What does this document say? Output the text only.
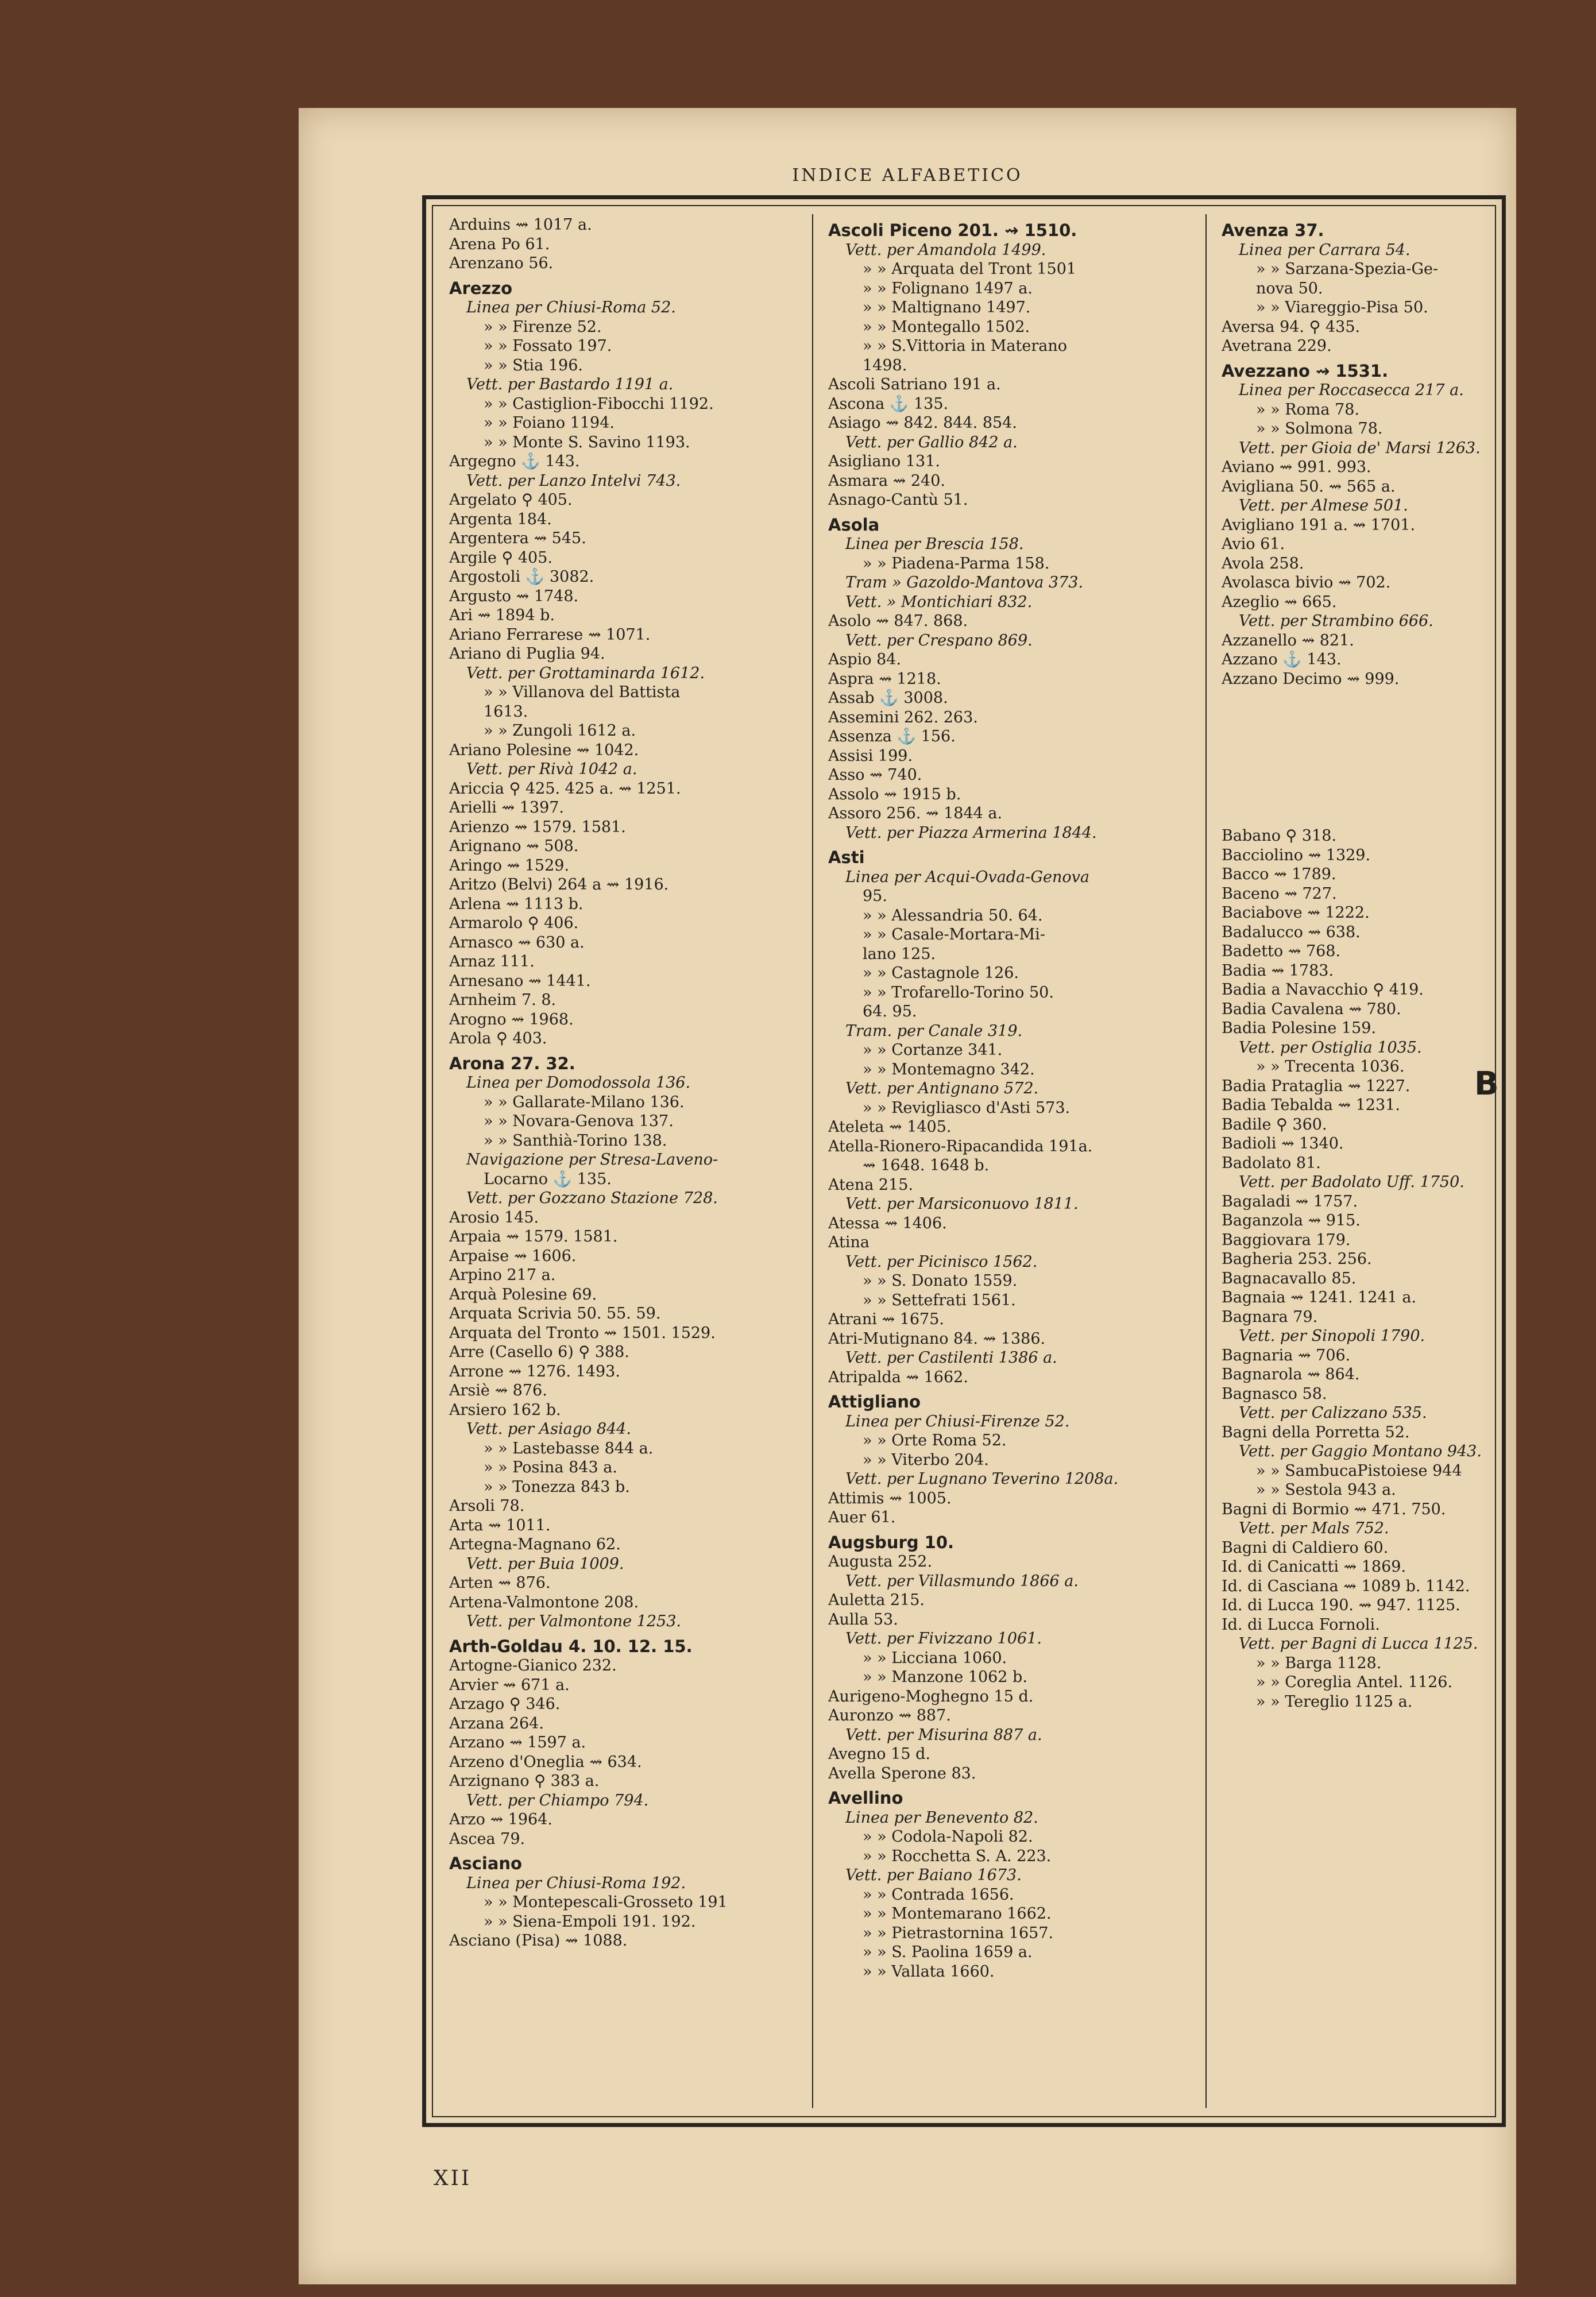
INDICE ALFABETICO
Arduins ⇝ 1017 a.
Arena Po 61.
Arenzano 56.
Arezzo
Linea per Chiusi-Roma 52.
» » Firenze 52.
» » Fossato 197.
» » Stia 196.
Vett. per Bastardo 1191 a.
» » Castiglion-Fibocchi 1192.
» » Foiano 1194.
» » Monte S. Savino 1193.
Argegno ⚓ 143.
Vett. per Lanzo Intelvi 743.
Argelato ⚲ 405.
Argenta 184.
Argentera ⇝ 545.
Argile ⚲ 405.
Argostoli ⚓ 3082.
Argusto ⇝ 1748.
Ari ⇝ 1894 b.
Ariano Ferrarese ⇝ 1071.
Ariano di Puglia 94.
Vett. per Grottaminarda 1612.
» » Villanova del Battista
1613.
» » Zungoli 1612 a.
Ariano Polesine ⇝ 1042.
Vett. per Rivà 1042 a.
Ariccia ⚲ 425. 425 a. ⇝ 1251.
Arielli ⇝ 1397.
Arienzo ⇝ 1579. 1581.
Arignano ⇝ 508.
Aringo ⇝ 1529.
Aritzo (Belvi) 264 a ⇝ 1916.
Arlena ⇝ 1113 b.
Armarolo ⚲ 406.
Arnasco ⇝ 630 a.
Arnaz 111.
Arnesano ⇝ 1441.
Arnheim 7. 8.
Arogno ⇝ 1968.
Arola ⚲ 403.
Arona 27. 32.
Linea per Domodossola 136.
» » Gallarate-Milano 136.
» » Novara-Genova 137.
» » Santhià-Torino 138.
Navigazione per Stresa-Laveno-
Locarno ⚓ 135.
Vett. per Gozzano Stazione 728.
Arosio 145.
Arpaia ⇝ 1579. 1581.
Arpaise ⇝ 1606.
Arpino 217 a.
Arquà Polesine 69.
Arquata Scrivia 50. 55. 59.
Arquata del Tronto ⇝ 1501. 1529.
Arre (Casello 6) ⚲ 388.
Arrone ⇝ 1276. 1493.
Arsiè ⇝ 876.
Arsiero 162 b.
Vett. per Asiago 844.
» » Lastebasse 844 a.
» » Posina 843 a.
» » Tonezza 843 b.
Arsoli 78.
Arta ⇝ 1011.
Artegna-Magnano 62.
Vett. per Buia 1009.
Arten ⇝ 876.
Artena-Valmontone 208.
Vett. per Valmontone 1253.
Arth-Goldau 4. 10. 12. 15.
Artogne-Gianico 232.
Arvier ⇝ 671 a.
Arzago ⚲ 346.
Arzana 264.
Arzano ⇝ 1597 a.
Arzeno d'Oneglia ⇝ 634.
Arzignano ⚲ 383 a.
Vett. per Chiampo 794.
Arzo ⇝ 1964.
Ascea 79.
Asciano
Linea per Chiusi-Roma 192.
» » Montepescali-Grosseto 191
» » Siena-Empoli 191. 192.
Asciano (Pisa) ⇝ 1088.
Ascoli Piceno 201. ⇝ 1510.
Vett. per Amandola 1499.
» » Arquata del Tront 1501
» » Folignano 1497 a.
» » Maltignano 1497.
» » Montegallo 1502.
» » S.Vittoria in Materano
1498.
Ascoli Satriano 191 a.
Ascona ⚓ 135.
Asiago ⇝ 842. 844. 854.
Vett. per Gallio 842 a.
Asigliano 131.
Asmara ⇝ 240.
Asnago-Cantù 51.
Asola
Linea per Brescia 158.
» » Piadena-Parma 158.
Tram » Gazoldo-Mantova 373.
Vett. » Montichiari 832.
Asolo ⇝ 847. 868.
Vett. per Crespano 869.
Aspio 84.
Aspra ⇝ 1218.
Assab ⚓ 3008.
Assemini 262. 263.
Assenza ⚓ 156.
Assisi 199.
Asso ⇝ 740.
Assolo ⇝ 1915 b.
Assoro 256. ⇝ 1844 a.
Vett. per Piazza Armerina 1844.
Asti
Linea per Acqui-Ovada-Genova
95.
» » Alessandria 50. 64.
» » Casale-Mortara-Mi-
lano 125.
» » Castagnole 126.
» » Trofarello-Torino 50.
64. 95.
Tram. per Canale 319.
» » Cortanze 341.
» » Montemagno 342.
Vett. per Antignano 572.
» » Revigliasco d'Asti 573.
Ateleta ⇝ 1405.
Atella-Rionero-Ripacandida 191a.
⇝ 1648. 1648 b.
Atena 215.
Vett. per Marsiconuovo 1811.
Atessa ⇝ 1406.
Atina
Vett. per Picinisco 1562.
» » S. Donato 1559.
» » Settefrati 1561.
Atrani ⇝ 1675.
Atri-Mutignano 84. ⇝ 1386.
Vett. per Castilenti 1386 a.
Atripalda ⇝ 1662.
Attigliano
Linea per Chiusi-Firenze 52.
» » Orte Roma 52.
» » Viterbo 204.
Vett. per Lugnano Teverino 1208a.
Attimis ⇝ 1005.
Auer 61.
Augsburg 10.
Augusta 252.
Vett. per Villasmundo 1866 a.
Auletta 215.
Aulla 53.
Vett. per Fivizzano 1061.
» » Licciana 1060.
» » Manzone 1062 b.
Aurigeno-Moghegno 15 d.
Auronzo ⇝ 887.
Vett. per Misurina 887 a.
Avegno 15 d.
Avella Sperone 83.
Avellino
Linea per Benevento 82.
» » Codola-Napoli 82.
» » Rocchetta S. A. 223.
Vett. per Baiano 1673.
» » Contrada 1656.
» » Montemarano 1662.
» » Pietrastornina 1657.
» » S. Paolina 1659 a.
» » Vallata 1660.
B
Avenza 37.
Linea per Carrara 54.
» » Sarzana-Spezia-Ge-
nova 50.
» » Viareggio-Pisa 50.
Aversa 94. ⚲ 435.
Avetrana 229.
Avezzano ⇝ 1531.
Linea per Roccasecca 217 a.
» » Roma 78.
» » Solmona 78.
Vett. per Gioia de' Marsi 1263.
Aviano ⇝ 991. 993.
Avigliana 50. ⇝ 565 a.
Vett. per Almese 501.
Avigliano 191 a. ⇝ 1701.
Avio 61.
Avola 258.
Avolasca bivio ⇝ 702.
Azeglio ⇝ 665.
Vett. per Strambino 666.
Azzanello ⇝ 821.
Azzano ⚓ 143.
Azzano Decimo ⇝ 999.
Babano ⚲ 318.
Bacciolino ⇝ 1329.
Bacco ⇝ 1789.
Baceno ⇝ 727.
Baciabove ⇝ 1222.
Badalucco ⇝ 638.
Badetto ⇝ 768.
Badia ⇝ 1783.
Badia a Navacchio ⚲ 419.
Badia Cavalena ⇝ 780.
Badia Polesine 159.
Vett. per Ostiglia 1035.
» » Trecenta 1036.
Badia Prataglia ⇝ 1227.
Badia Tebalda ⇝ 1231.
Badile ⚲ 360.
Badioli ⇝ 1340.
Badolato 81.
Vett. per Badolato Uff. 1750.
Bagaladi ⇝ 1757.
Baganzola ⇝ 915.
Baggiovara 179.
Bagheria 253. 256.
Bagnacavallo 85.
Bagnaia ⇝ 1241. 1241 a.
Bagnara 79.
Vett. per Sinopoli 1790.
Bagnaria ⇝ 706.
Bagnarola ⇝ 864.
Bagnasco 58.
Vett. per Calizzano 535.
Bagni della Porretta 52.
Vett. per Gaggio Montano 943.
» » SambucaPistoiese 944
» » Sestola 943 a.
Bagni di Bormio ⇝ 471. 750.
Vett. per Mals 752.
Bagni di Caldiero 60.
Id. di Canicatti ⇝ 1869.
Id. di Casciana ⇝ 1089 b. 1142.
Id. di Lucca 190. ⇝ 947. 1125.
Id. di Lucca Fornoli.
Vett. per Bagni di Lucca 1125.
» » Barga 1128.
» » Coreglia Antel. 1126.
» » Tereglio 1125 a.
XII
